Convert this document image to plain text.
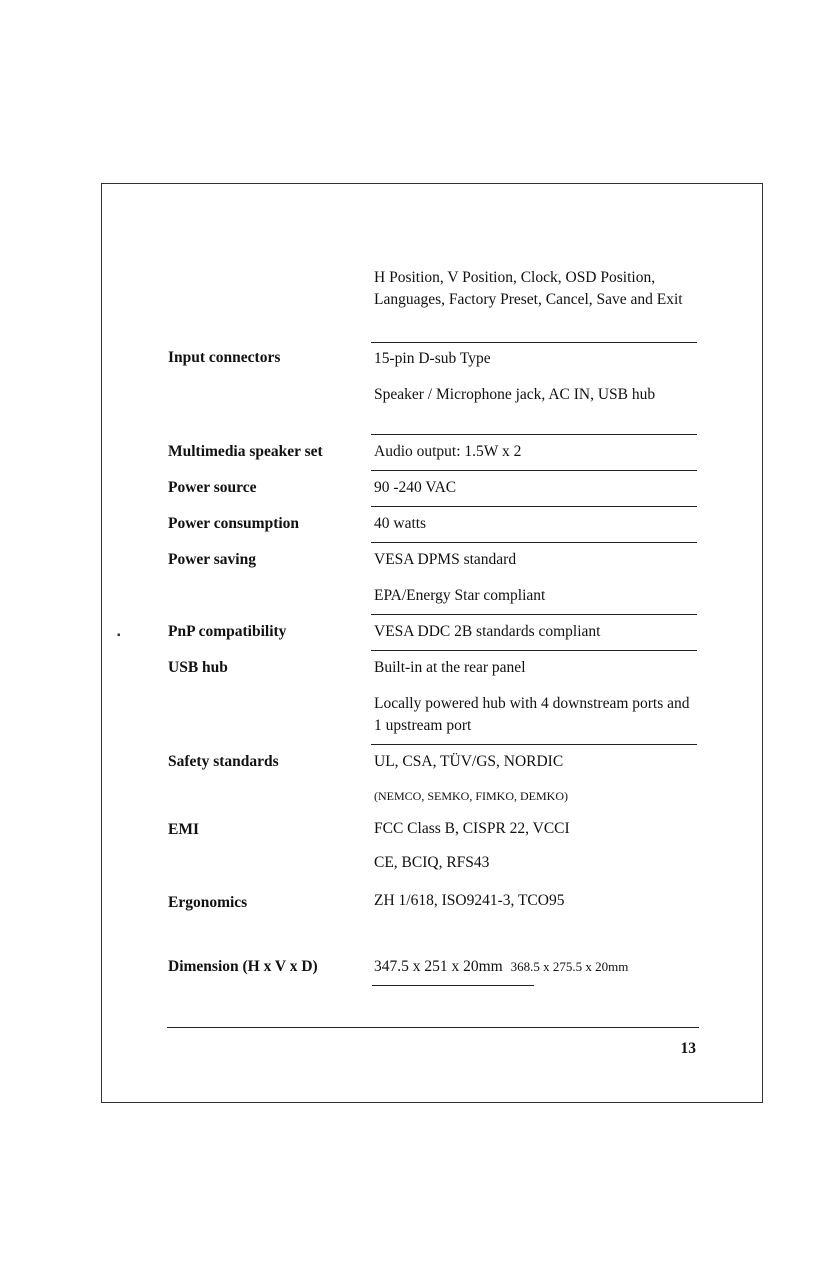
H Position, V Position, Clock, OSD Position, Languages, Factory Preset, Cancel, Save and Exit
Input connectors	15-pin D-sub Type
Speaker / Microphone jack, AC IN, USB hub
Multimedia speaker set	Audio output: 1.5W x 2
Power source	90 -240 VAC
Power consumption	40 watts
Power saving	VESA DPMS standard
EPA/Energy Star compliant
▪	PnP compatibility	VESA DDC 2B standards compliant
USB hub	Built-in at the rear panel
Locally powered hub with 4 downstream ports and 1 upstream port
Safety standards	UL, CSA, TÜV/GS, NORDIC
(NEMCO, SEMKO, FIMKO, DEMKO)
EMI	FCC Class B, CISPR 22, VCCI
CE, BCIQ, RFS43
Ergonomics	ZH 1/618, ISO9241-3, TCO95
Dimension (H x V x D)	347.5 x 251 x 20mm 368.5 x 275.5 x 20mm
13
